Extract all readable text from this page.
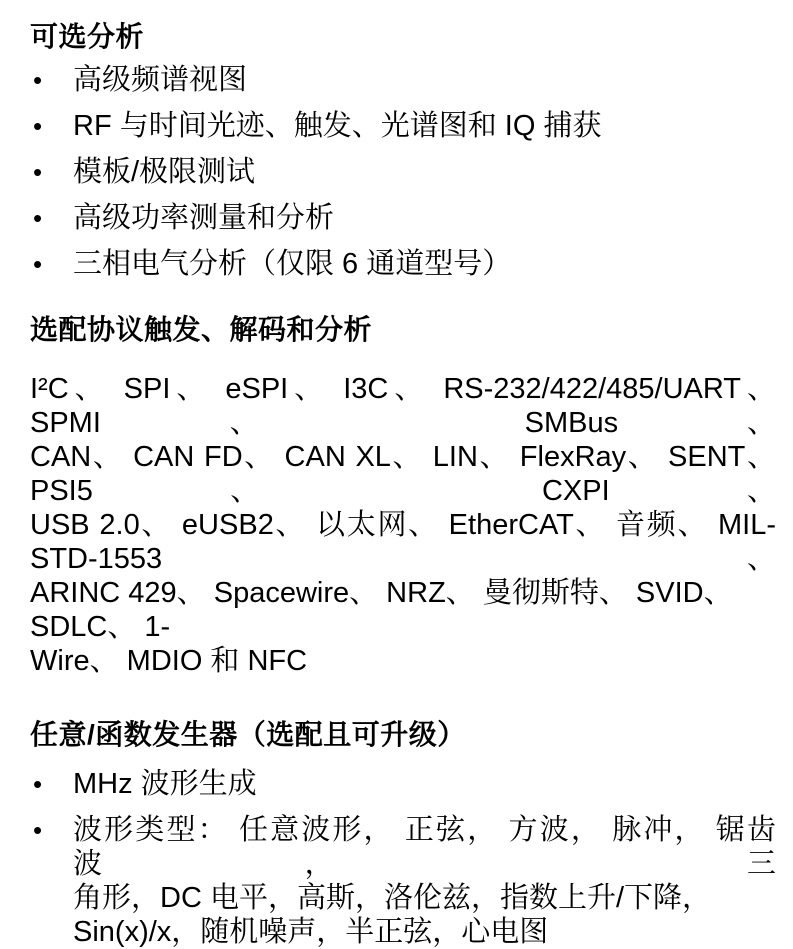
可选分析
• 高级频谱视图
• RF 与时间光迹、触发、光谱图和 IQ 捕获
• 模板/极限测试
• 高级功率测量和分析
• 三相电气分析（仅限 6 通道型号）
选配协议触发、解码和分析
I²C、 SPI、 eSPI、 I3C、 RS-232/422/485/UART、 SPMI、 SMBus、
CAN、 CAN FD、 CAN XL、 LIN、 FlexRay、 SENT、 PSI5、 CXPI、
USB 2.0、 eUSB2、 以太网、 EtherCAT、 音频、 MIL-STD-1553、
ARINC 429、 Spacewire、 NRZ、 曼彻斯特、 SVID、 SDLC、 1-
Wire、 MDIO 和 NFC
任意/函数发生器（选配且可升级）
• MHz 波形生成
• 波形类型： 任意波形， 正弦， 方波， 脉冲， 锯齿波， 三
角形，DC 电平，高斯，洛伦兹，指数上升/下降，
Sin(x)/x，随机噪声，半正弦，心电图
